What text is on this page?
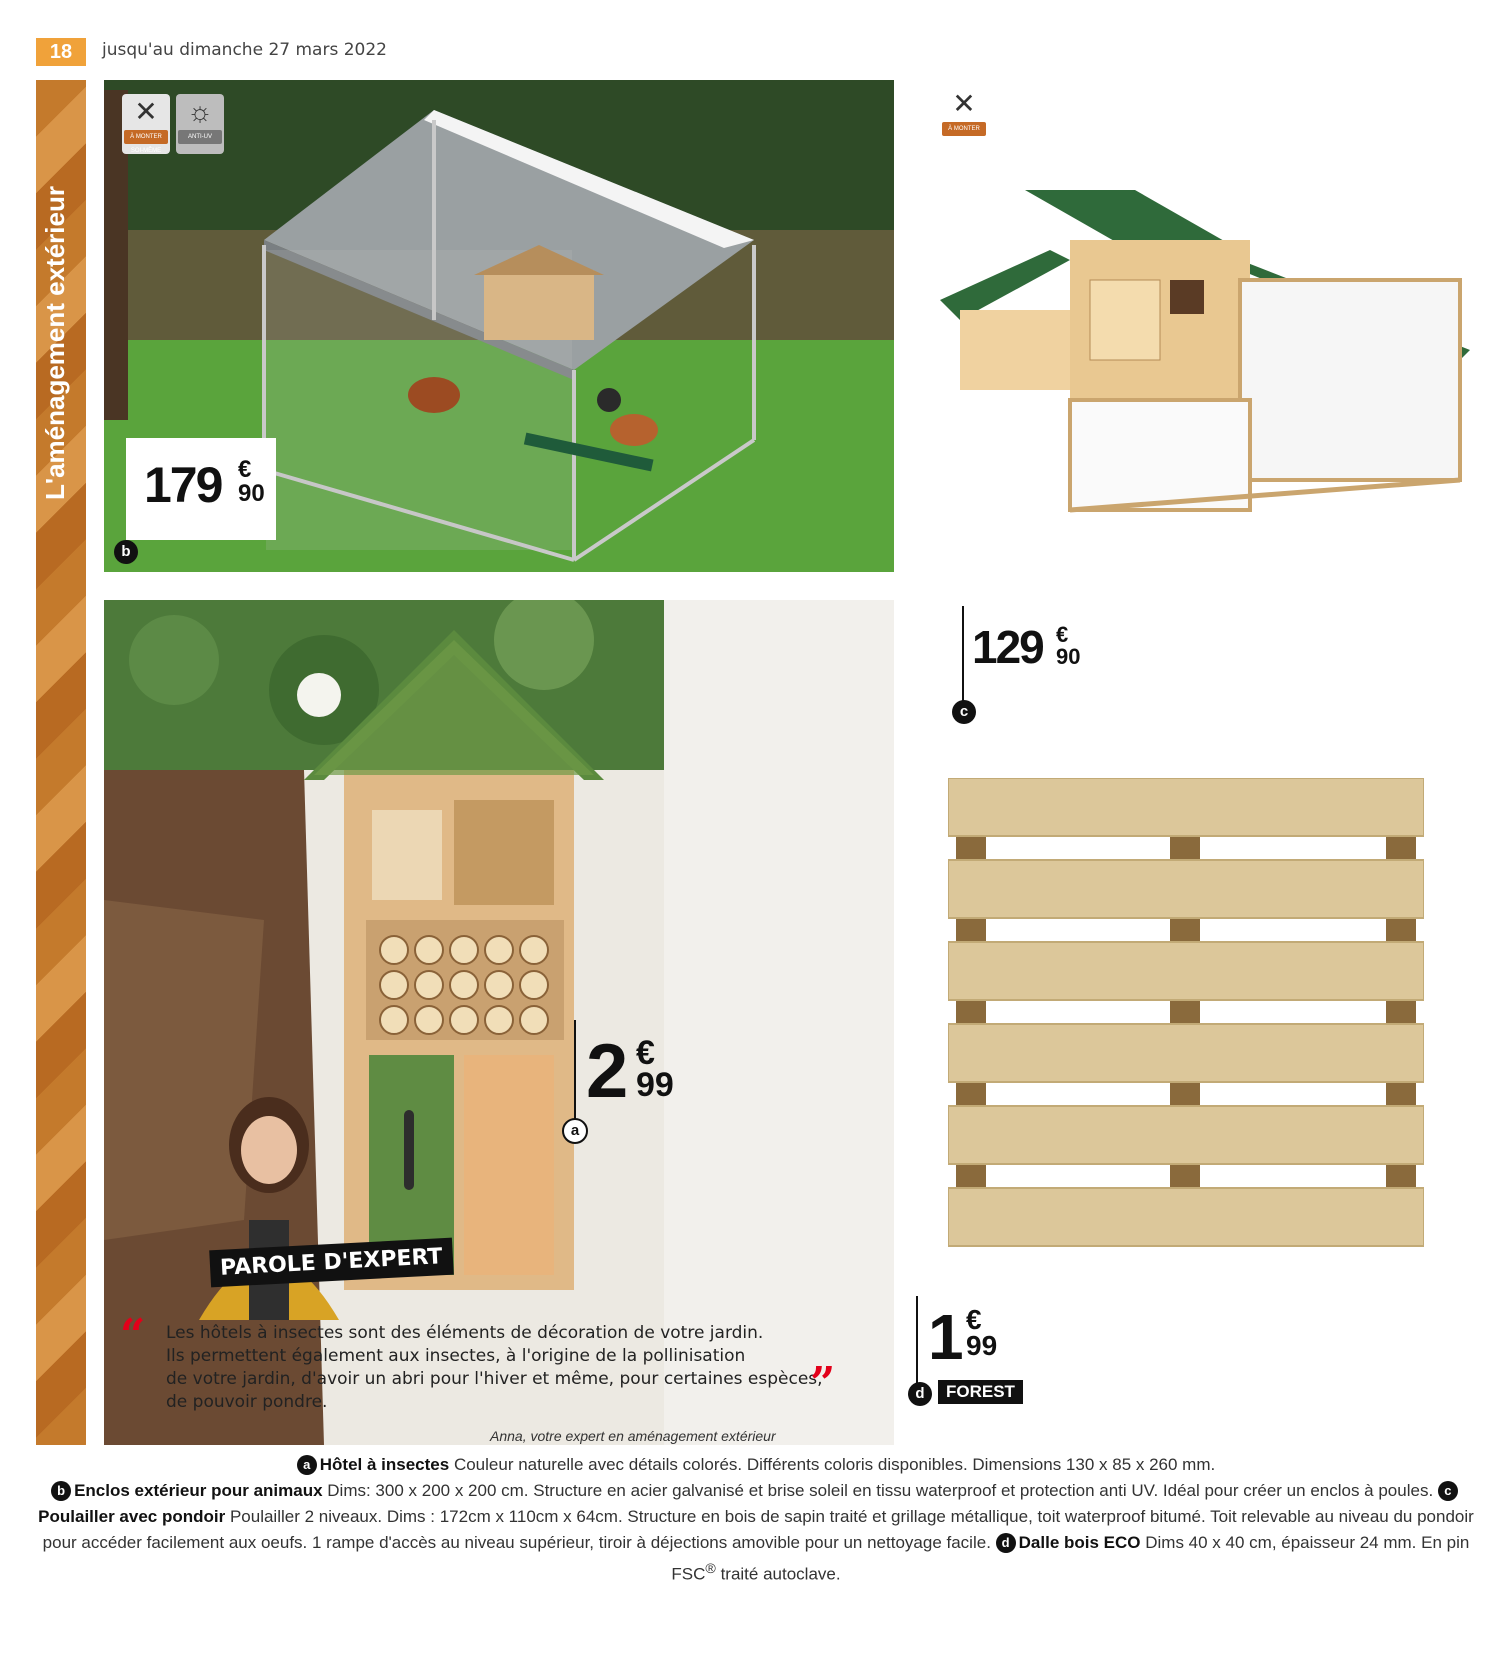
18	jusqu'au dimanche 27 mars 2022
L'aménagement extérieur
✕
À MONTER SOI-MÊME
☼
ANTI-UV
179 €
90
b
2 €
99
a
PAROLE D'EXPERT
“ Les hôtels à insectes sont des éléments de décoration de votre jardin.
Ils permettent également aux insectes, à l'origine de la pollinisation
de votre jardin, d'avoir un abri pour l'hiver et même, pour certaines espèces,
de pouvoir pondre.	”
Anna, votre expert en aménagement extérieur
✕
À MONTER SOI-MÊME
129 €
90
c
1 €
99
d	FOREST
a Hôtel à insectes Couleur naturelle avec détails colorés. Différents coloris disponibles. Dimensions 130 x 85 x 260 mm.
b Enclos extérieur pour animaux Dims: 300 x 200 x 200 cm. Structure en acier galvanisé et brise soleil en tissu waterproof et protection anti UV. Idéal pour créer un enclos à poules. cPoulailler avec pondoir Poulailler 2 niveaux. Dims : 172cm x 110cm x 64cm. Structure en bois de sapin traité et grillage métallique, toit waterproof bitumé. Toit relevable au niveau du pondoir pour accéder facilement aux oeufs. 1 rampe d'accès au niveau supérieur, tiroir à déjections amovible pour un nettoyage facile. d Dalle bois ECO Dims 40 x 40 cm, épaisseur 24 mm. En pin FSC® traité autoclave.
